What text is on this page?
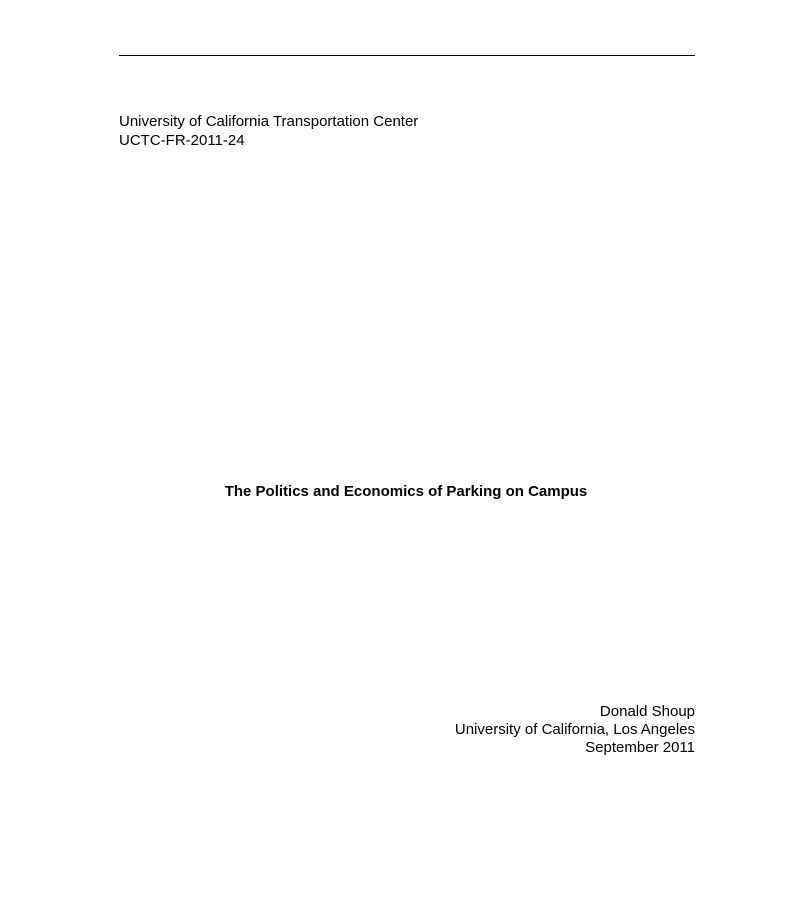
University of California Transportation Center
UCTC-FR-2011-24
The Politics and Economics of Parking on Campus
Donald Shoup
University of California, Los Angeles
September 2011
